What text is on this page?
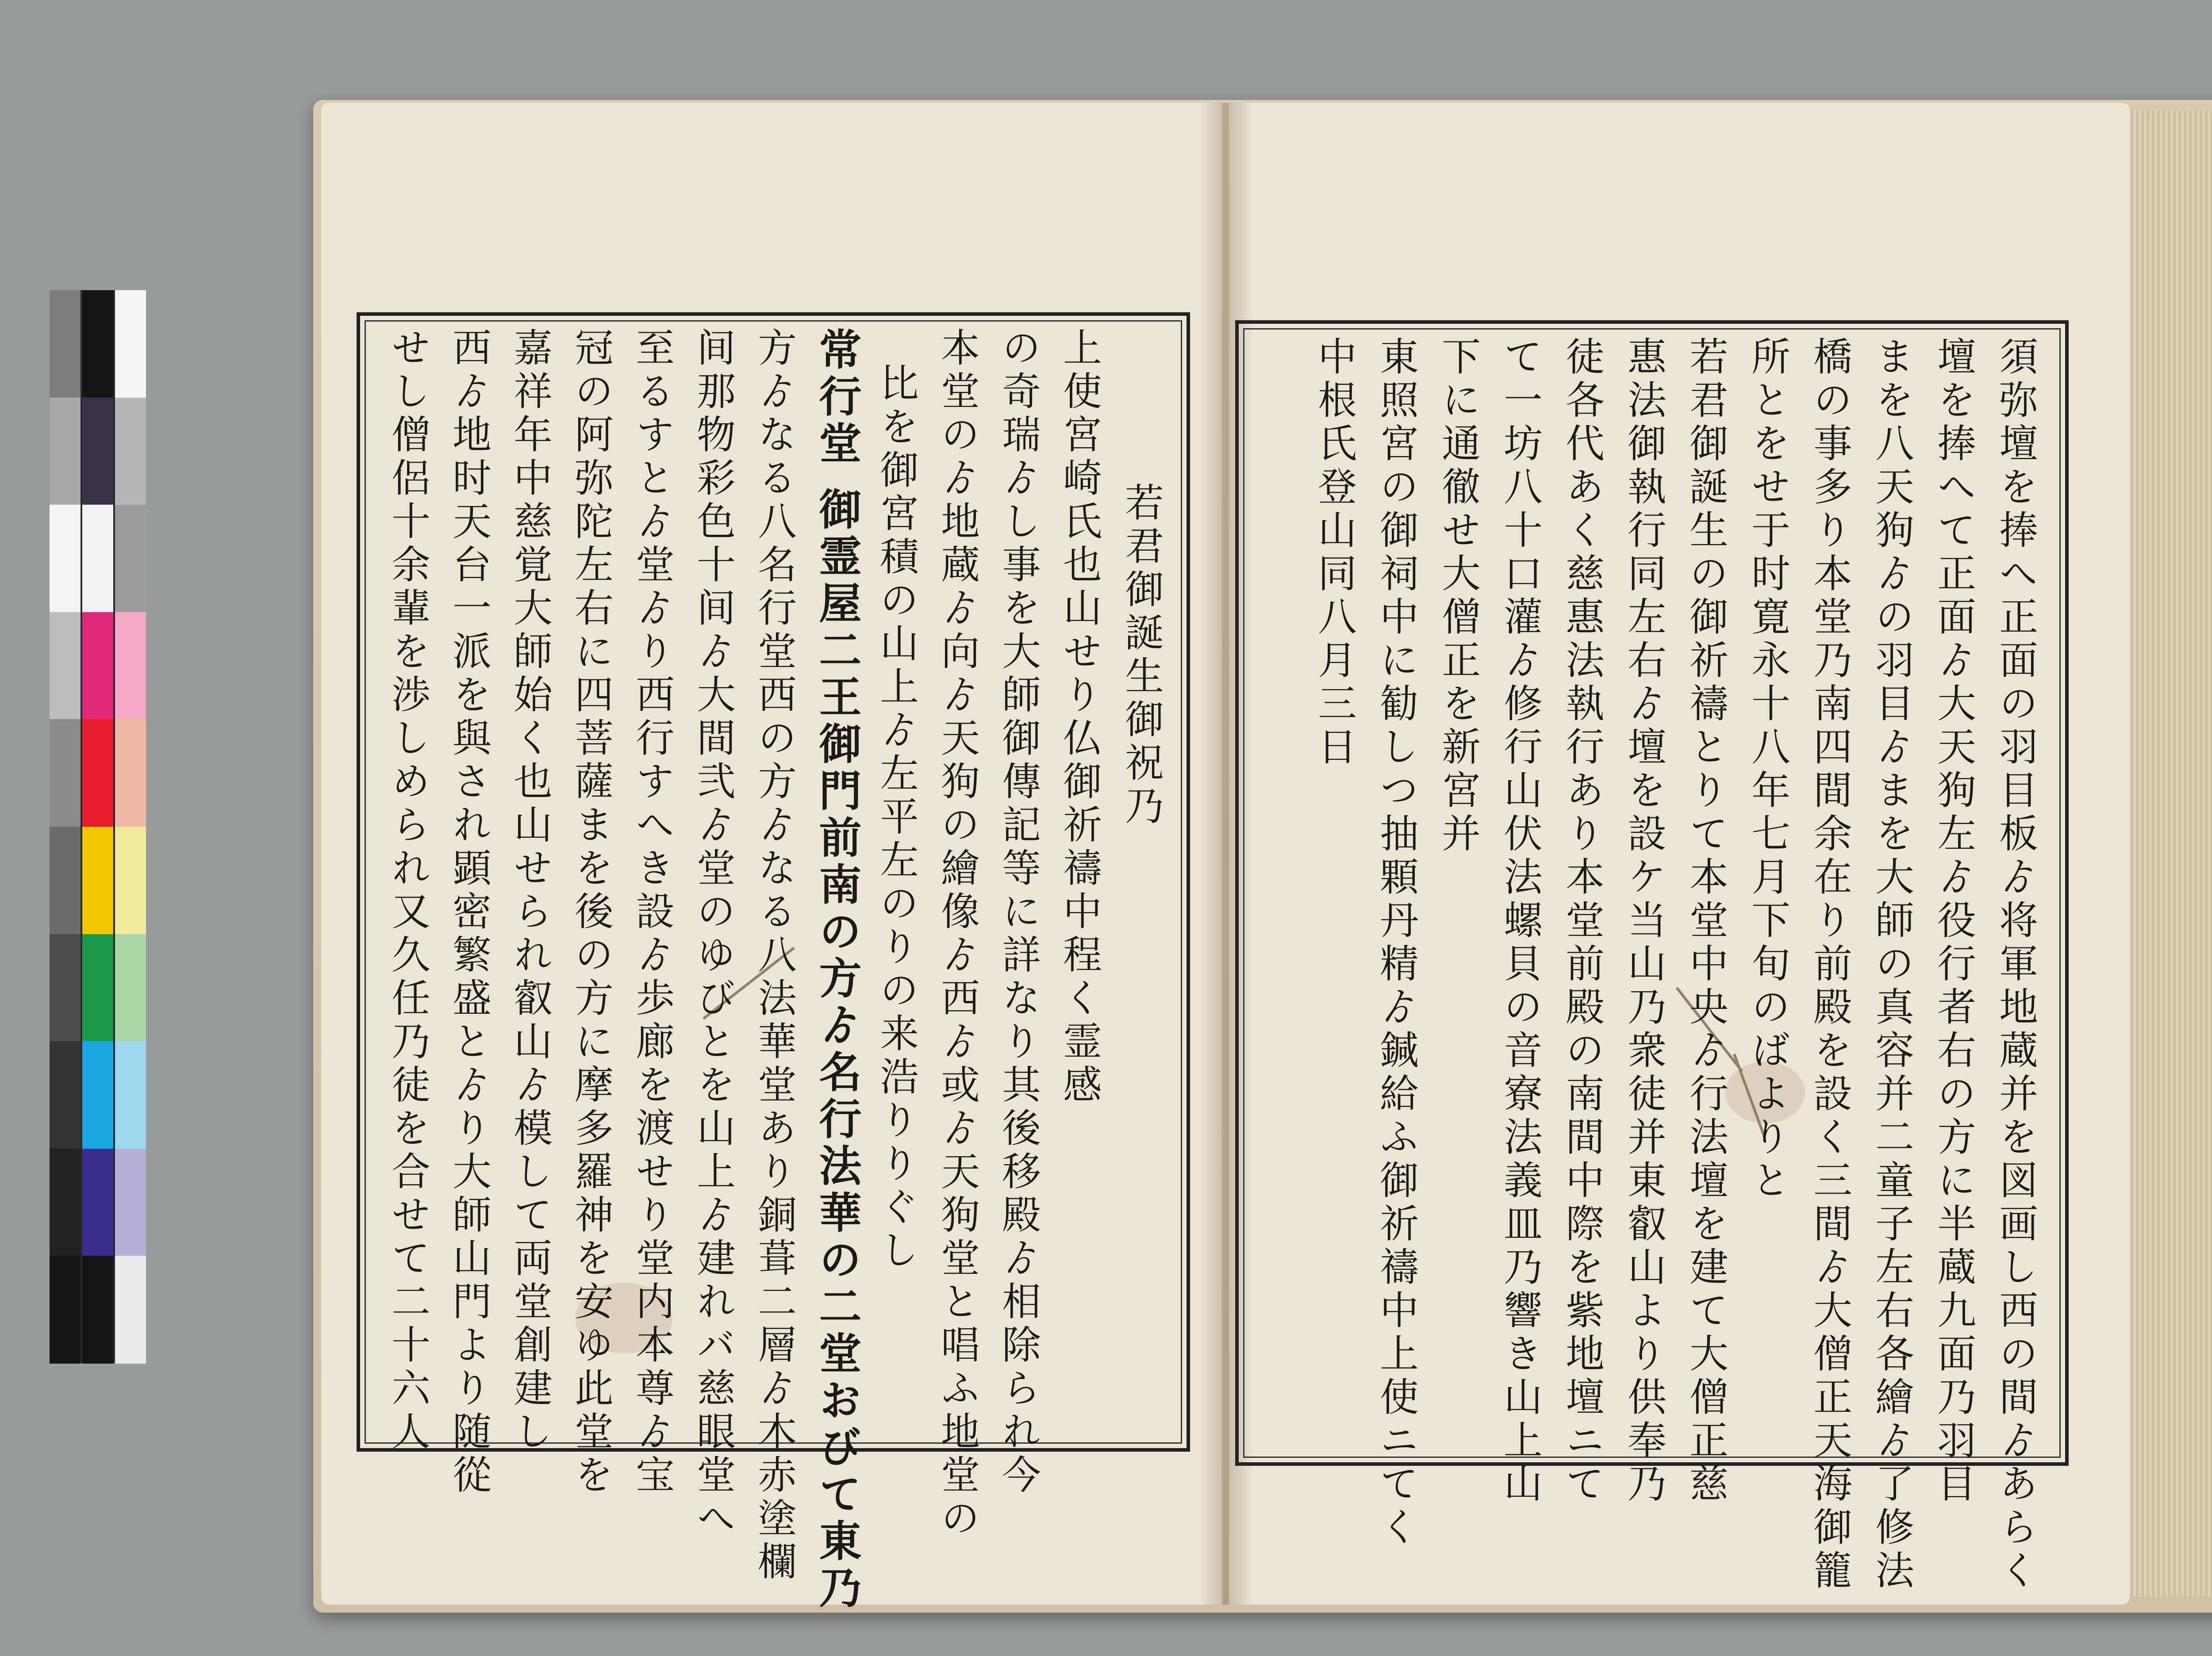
須弥壇を捧へ正面の羽目板ゟ将軍地蔵并を図画し西の間ゟあらく
壇を捧へて正面ゟ大天狗左ゟ役行者右の方に半蔵九面乃羽目
まを八天狗ゟの羽目ゟまを大師の真容并二童子左右各繪ゟ了修法
橋の事多り本堂乃南四間余在り前殿を設く三間ゟ大僧正天海御籠
所とをせ于时寛永十八年七月下旬のばよりと
若君御誕生の御祈禱とりて本堂中央ゟ行法壇を建て大僧正慈
惠法御執行同左右ゟ壇を設ケ当山乃衆徒并東叡山より供奉乃
徒各代あく慈惠法執行あり本堂前殿の南間中際を紫地壇ニて
て一坊八十口灌ゟ修行山伏法螺貝の音寮法義皿乃響き山上山
下に通徹せ大僧正を新宮并
東照宮の御祠中に勧しつ抽顆丹精ゟ鍼給ふ御祈禱中上使ニてく
中根氏登山同八月三日
若君御誕生御祝乃
上使宮崎氏也山せり仏御祈禱中程く霊感
の奇瑞ゟし事を大師御傳記等に詳なり其後移殿ゟ相除られ今
本堂のゟ地蔵ゟ向ゟ天狗の繪像ゟ西ゟ或ゟ天狗堂と唱ふ地堂の
比を御宮積の山上ゟ左平左のりの来浩りりぐし
常行堂 御霊屋二王御門前南の方ゟ名行法華の二堂おびて東乃
方ゟなる八名行堂西の方ゟなる八法華堂あり銅葺二層ゟ木赤塗欄
间那物彩色十间ゟ大間弐ゟ堂のゆびとを山上ゟ建れバ慈眼堂へ
至るすとゟ堂ゟり西行すへき設ゟ歩廊を渡せり堂内本尊ゟ宝
冠の阿弥陀左右に四菩薩まを後の方に摩多羅神を安ゆ此堂を
嘉祥年中慈覚大師始く也山せられ叡山ゟ模して両堂創建し
西ゟ地时天台一派を與され顕密繁盛とゟり大師山門より随從
せし僧侶十余輩を渉しめられ又久任乃徒を合せて二十六人
